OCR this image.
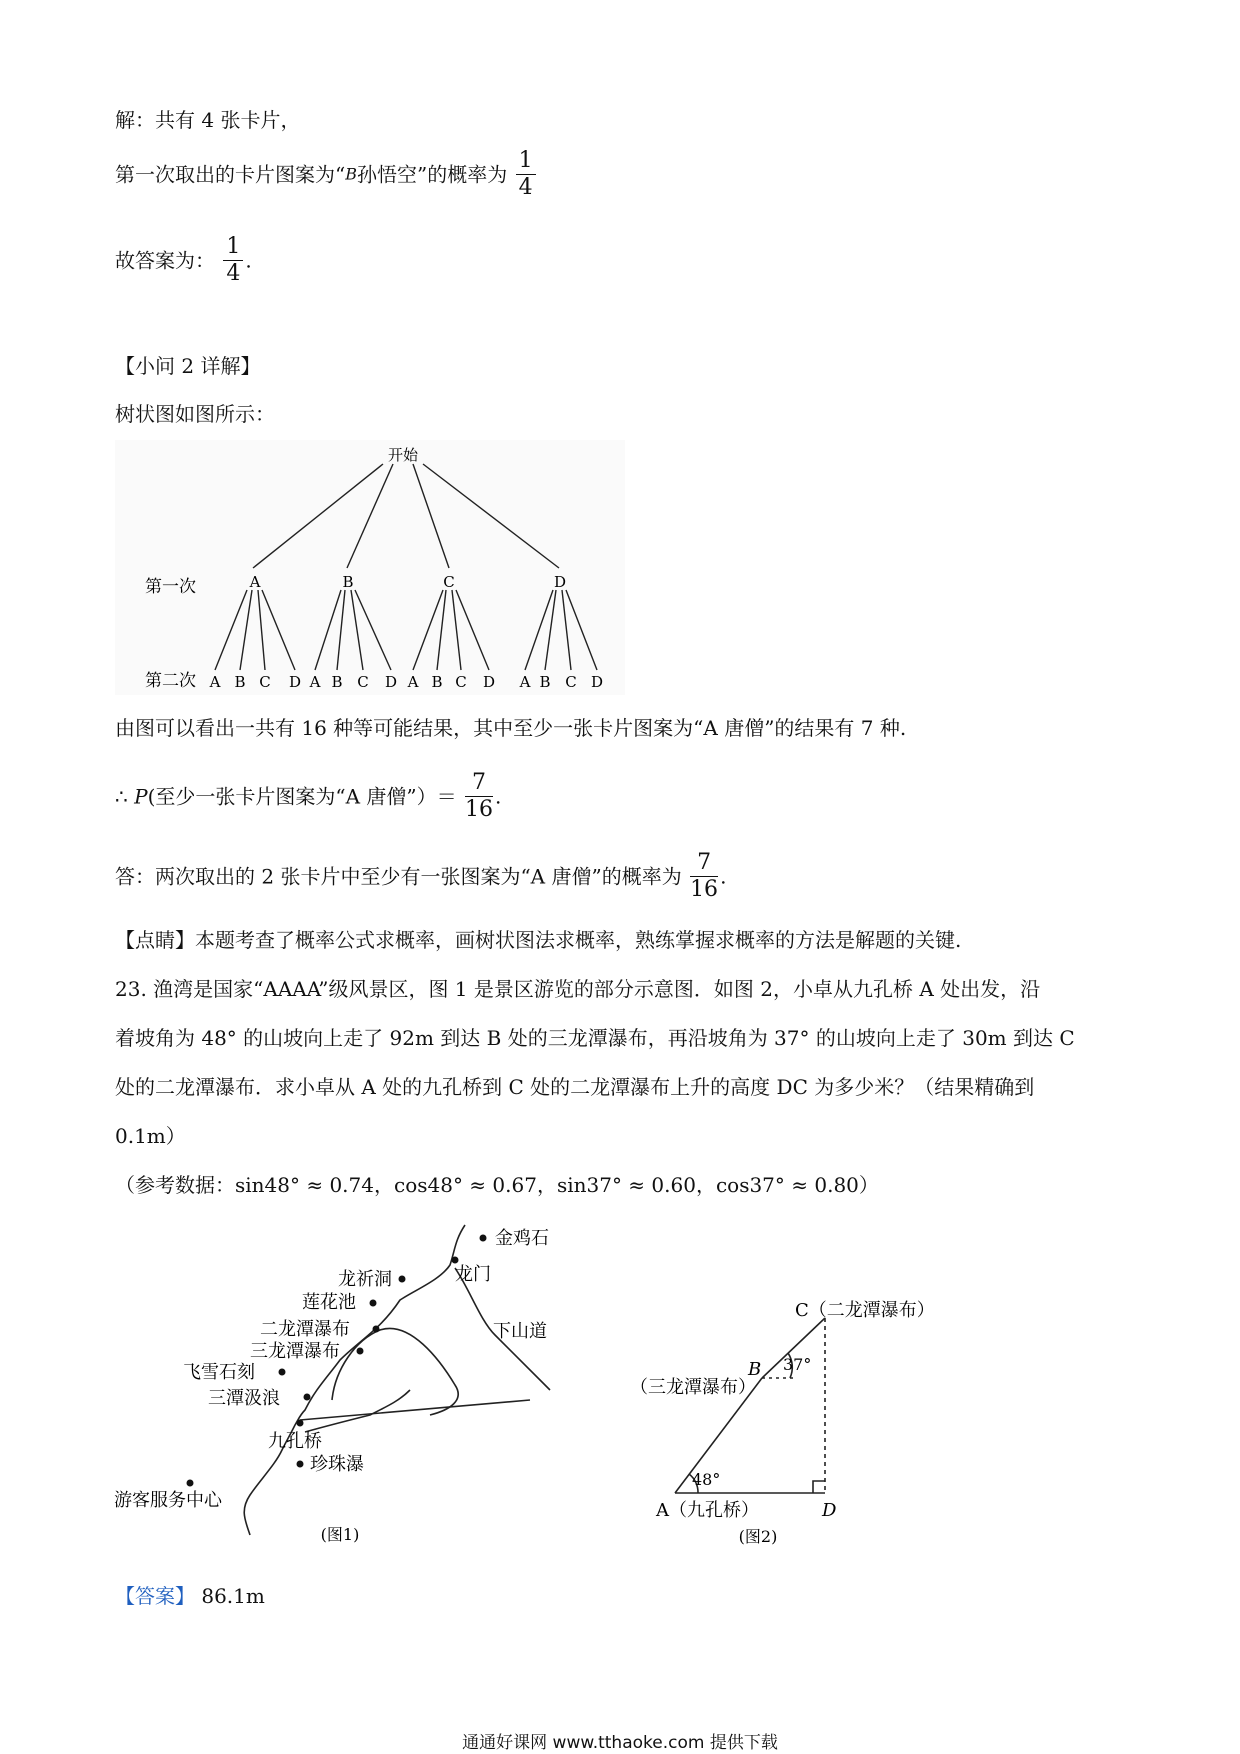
解：共有 4 张卡片，
第一次取出的卡片图案为“B孙悟空”的概率为 $\frac{1}{4}$
故答案为： $\frac{1}{4}$ .
【小问 2 详解】
树状图如图所示：
开始
第一次
第二次
A	B	C	D
A B C D A B C D A B C D A B C D
由图可以看出一共有 16 种等可能结果，其中至少一张卡片图案为“A 唐僧”的结果有 7 种.
∴ P(至少一张卡片图案为“A 唐僧”）＝ $\frac{7}{16}$ .
答：两次取出的 2 张卡片中至少有一张图案为“A 唐僧”的概率为 $\frac{7}{16}$ .
【点睛】本题考查了概率公式求概率，画树状图法求概率，熟练掌握求概率的方法是解题的关键.
23. 渔湾是国家“AAAA”级风景区，图 1 是景区游览的部分示意图．如图 2，小卓从九孔桥 A 处出发，沿
着坡角为 48° 的山坡向上走了 92m 到达 B 处的三龙潭瀑布，再沿坡角为 37° 的山坡向上走了 30m 到达 C
处的二龙潭瀑布．求小卓从 A 处的九孔桥到 C 处的二龙潭瀑布上升的高度 DC 为多少米？（结果精确到
0.1m）
（参考数据：sin48° ≈ 0.74，cos48° ≈ 0.67，sin37° ≈ 0.60，cos37° ≈ 0.80）
金鸡石
龙门
龙祈洞
莲花池
二龙潭瀑布
三龙潭瀑布
飞雪石刻
三潭汲浪
下山道
九孔桥
珍珠瀑
游客服务中心
(图1)
C（二龙潭瀑布）
B
（三龙潭瀑布）
37°
48°
A（九孔桥）	D
(图2)
【答案】 86.1m
通通好课网 www.tthaoke.com 提供下载
